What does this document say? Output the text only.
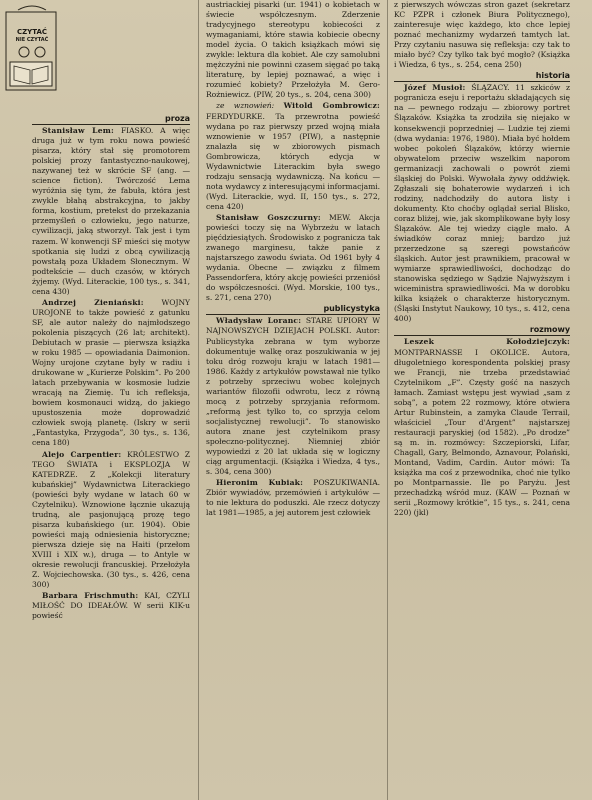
CZYTAĆ
NIE CZYTAĆ

proza

Stanisław Lem: FIASKO. A więc druga już w tym roku nowa powieść pisarza, który stał się promotorem polskiej prozy fantastyczno-naukowej, nazywanej też w skrócie SF (ang. — science fiction). Twórczość Lema wyróżnia się tym, że fabuła, która jest zwykle błahą abstrakcyjna, to jakby forma, kostium, pretekst do przekazania przemyśleń o człowieku, jego naturze, cywilizacji, jaką stworzył. Tak jest i tym razem. W konwencji SF mieści się motyw spotkania się ludzi z obcą cywilizacją powstałą poza Układem Słonecznym. W podtekście — duch czasów, w których żyjemy. (Wyd. Literackie, 100 tys., s. 341, cena 430)

Andrzej Zieniański: WOJNY UROJONE to także powieść z gatunku SF, ale autor należy do najmłodszego pokolenia piszących (26 lat; architekt). Debiutach w prasie — pierwsza książka w roku 1985 — opowiadania Daimonion. Wojny urojone czytane były w radiu i drukowane w „Kurierze Polskim”. Po 200 latach przebywania w kosmosie ludzie wracają na Ziemię. Tu ich refleksja, bowiem kosmonauci widzą, do jakiego upustoszenia może doprowadzić człowiek swoją planetę. (Iskry w serii „Fantastyka, Przygoda”, 30 tys., s. 136, cena 180)

Alejo Carpentier: KRÓLESTWO Z TEGO ŚWIATA i EKSPLOZJA W KATEDRZE. Z „Kolekcji literatury kubańskiej” Wydawnictwa Literackiego (powieści były wydane w latach 60 w Czytelniku). Wznowione łącznie ukazują trudną, ale pasjonującą prozę tego pisarza kubańskiego (ur. 1904). Obie powieści mają odniesienia historyczne; pierwsza dzieje się na Haiti (przełom XVIII i XIX w.), druga — to Antyle w okresie rewolucji francuskiej. Przełożyła Z. Wojciechowska. (30 tys., s. 426, cena 300)

Barbara Frischmuth: KAI, CZYLI MIŁOŚĆ DO IDEAŁÓW. W serii KIK-u powieść

austriackiej pisarki (ur. 1941) o kobietach w świecie współczesnym. Zderzenie tradycyjnego stereotypu kobiecości z wymaganiami, które stawia kobiecie obecny model życia. O takich książkach mówi się zwykle: lektura dla kobiet. Ale czy samolubni mężczyźni nie powinni czasem sięgać po taką literaturę, by lepiej poznawać, a więc i rozumieć kobiety? Przełożyła M. Gero-Rożniewicz. (PIW, 20 tys., s. 204, cena 300)

ze wznowień: Witold Gombrowicz: FERDYDURKE. Ta przewrotna powieść wydana po raz pierwszy przed wojną miała wznowienie w 1957 (PIW), a następnie znalazła się w zbiorowych pismach Gombrowicza, których edycja w Wydawnictwie Literackim była swego rodzaju sensacją wydawniczą. Na końcu — nota wydawcy z interesującymi informacjami. (Wyd. Literackie, wyd. II, 150 tys., s. 272, cena 420)

Stanisław Goszczurny: MEW. Akcja powieści toczy się na Wybrzeżu w latach pięćdziesiątych. Środowisko z pogranicza tak zwanego marginesu, także panie z najstarszego zawodu świata. Od 1961 były 4 wydania. Obecne — związku z filmem Passendorfera, który akcję powieści przeniósł do współczesności. (Wyd. Morskie, 100 tys., s. 271, cena 270)

publicystyka

Władysław Loranc: STARE UPIORY W NAJNOWSZYCH DZIEJACH POLSKI. Autor: Publicystyka zebrana w tym wyborze dokumentuje walkę oraz poszukiwania w jej toku dróg rozwoju kraju w latach 1981—1986. Każdy z artykułów powstawał nie tylko z potrzeby sprzeciwu wobec kolejnych wariantów filozofii odwrotu, lecz z równą mocą z potrzeby sprzyjania reformom. „reformą jest tylko to, co sprzyja celom socjalistycznej rewolucji”. To stanowisko autora znane jest czytelnikom prasy społeczno-politycznej. Niemniej zbiór wypowiedzi z 20 lat układa się w logiczny ciąg argumentacji. (Książka i Wiedza, 4 tys., s. 304, cena 300)

Hieronim Kubiak: POSZUKIWANIA. Zbiór wywiadów, przemówień i artykułów — to nie lektura do poduszki. Ale rzecz dotyczy lat 1981—1985, a jej autorem jest człowiek

z pierwszych wówczas stron gazet (sekretarz KC PZPR i członek Biura Politycznego), zainteresuje więc każdego, kto chce lepiej poznać mechanizmy wydarzeń tamtych lat. Przy czytaniu nasuwa się refleksja: czy tak to miało być? Czy tylko tak być mogło? (Książka i Wiedza, 6 tys., s. 254, cena 250)

historia

Józef Musioł: ŚLĄZACY. 11 szkiców z pogranicza eseju i reportażu składających się na — pewnego rodzaju — zbiorowy portret Ślązaków. Książka ta zrodziła się niejako w konsekwencji poprzedniej — Ludzie tej ziemi (dwa wydania: 1976, 1980). Miała być hołdem wobec pokoleń Ślązaków, którzy wiernie obywatelom przeciw wszelkim naporom germanizacji zachowali o powrót ziemi śląskiej do Polski. Wywołała żywy oddźwięk. Zgłaszali się bohaterowie wydarzeń i ich rodziny, nadchodziły do autora listy i dokumenty. Kto choćby oglądał serial Blisko, coraz bliżej, wie, jak skomplikowane były losy Ślązaków. Ale tej wiedzy ciągle mało. A świadków coraz mniej; bardzo już przerzedzone są szeregi powstańców śląskich. Autor jest prawnikiem, pracował w wymiarze sprawiedliwości, dochodząc do stanowiska sędziego w Sądzie Najwyższym i wiceministra sprawiedliwości. Ma w dorobku kilka książek o charakterze historycznym. (Śląski Instytut Naukowy, 10 tys., s. 412, cena 400)

rozmowy

Leszek Kołodziejczyk: MONTPARNASSE I OKOLICE. Autora, długoletniego korespondenta polskiej prasy we Francji, nie trzeba przedstawiać Czytelnikom „F”. Częsty gość na naszych łamach. Zamiast wstępu jest wywiad „sam z sobą”, a potem 22 rozmowy, które otwiera Artur Rubinstein, a zamyka Claude Terrail, właściciel „Tour d'Argent” najstarszej restauracji paryskiej (od 1582). „Po drodze” są m. in. rozmówcy: Szczepiorski, Lifar, Chagall, Gary, Belmondo, Aznavour, Polański, Montand, Vadim, Cardin. Autor mówi: Ta książka ma coś z przewodnika, choć nie tylko po Montparnassie. Ile po Paryżu. Jest przechadzką wśród muz. (KAW — Poznań w serii „Rozmowy krótkie”, 15 tys., s. 241, cena 220) (jkl)
